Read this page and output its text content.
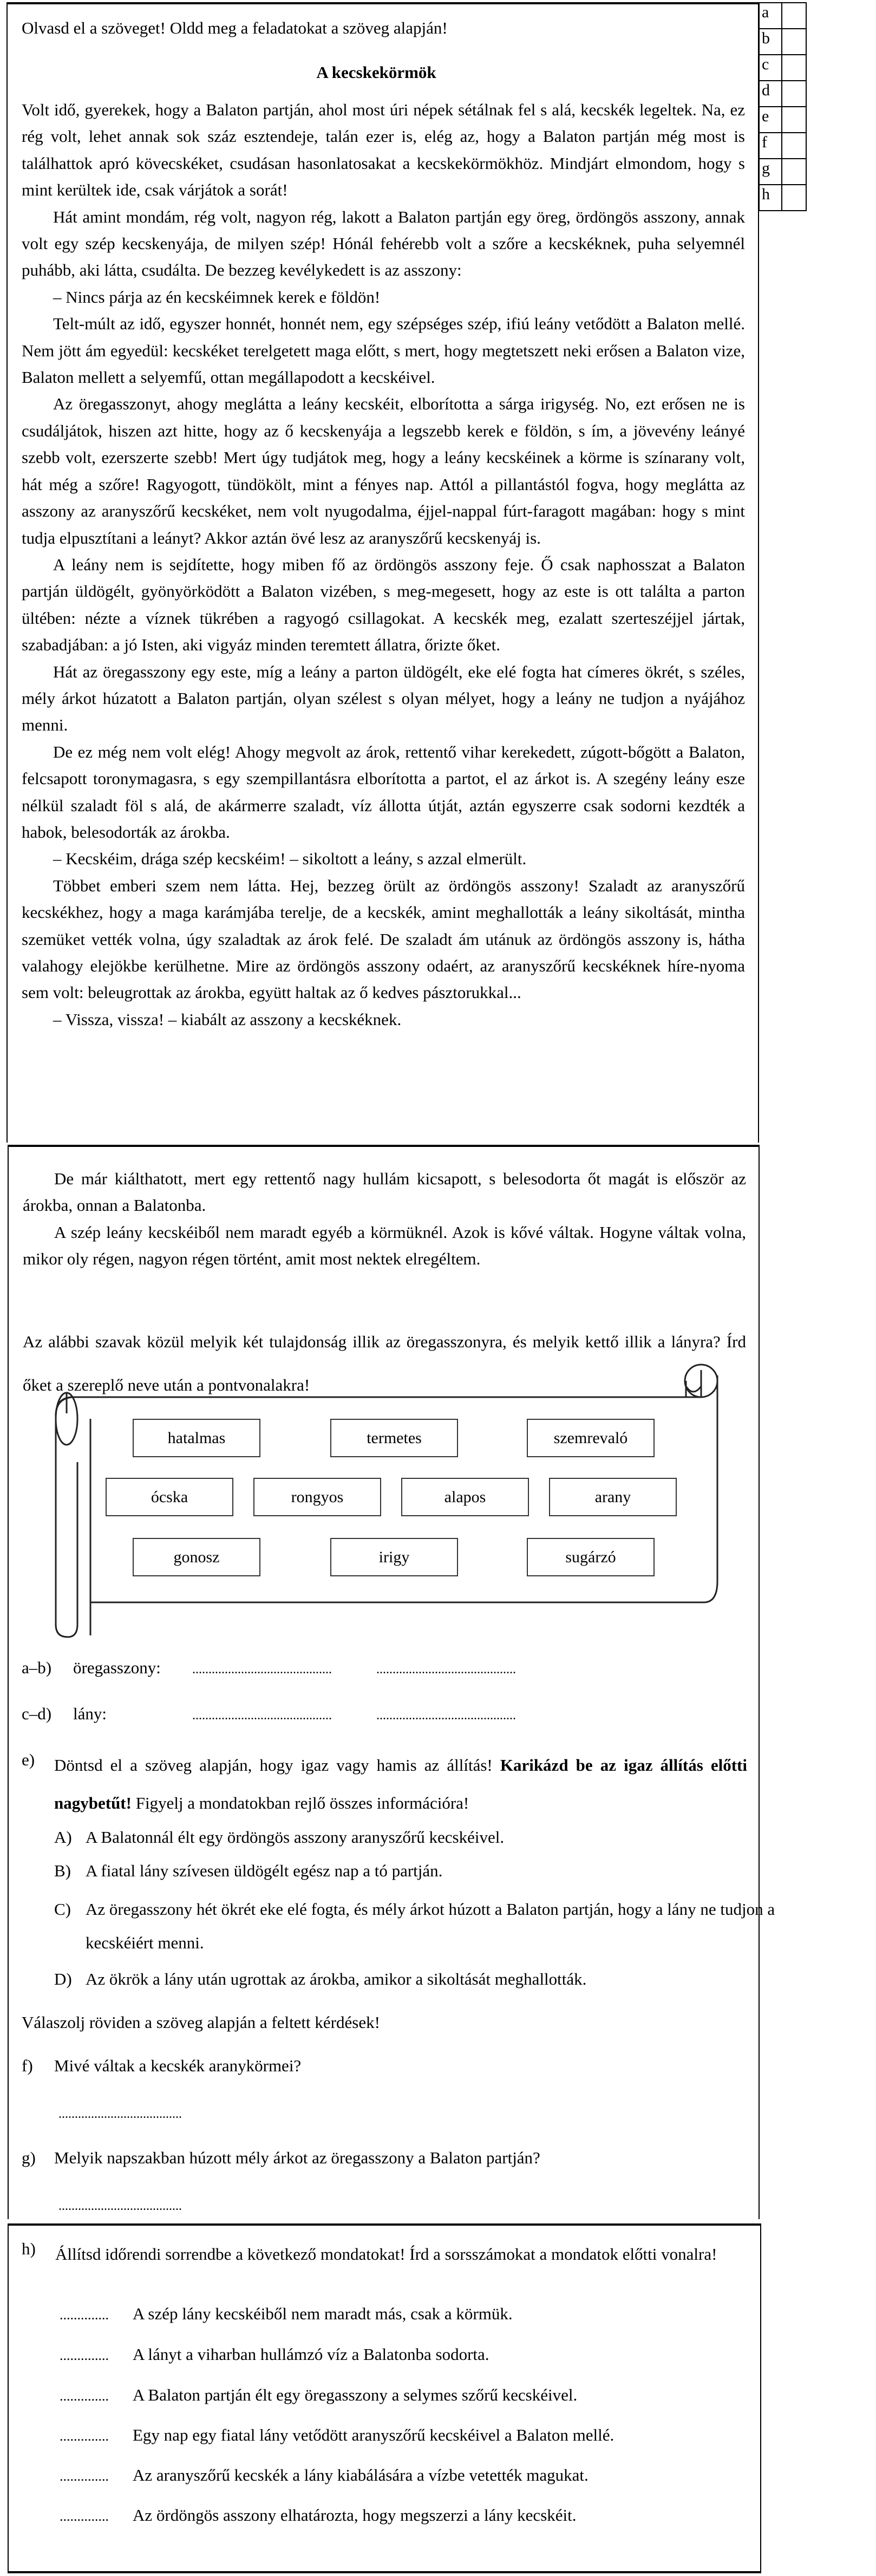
a	
b	
c	
d	
e	
f	
g	
h	
Olvasd el a szöveget! Oldd meg a feladatokat a szöveg alapján!
A kecskekörmök

Volt idő, gyerekek, hogy a Balaton partján, ahol most úri népek sétálnak fel s alá, kecskék legeltek. Na, ez rég volt, lehet annak sok száz esztendeje, talán ezer is, elég az, hogy a Balaton partján még most is találhattok apró kövecskéket, csudásan hasonlatosakat a kecskekörmökhöz. Mindjárt elmondom, hogy s mint kerültek ide, csak várjátok a sorát!

Hát amint mondám, rég volt, nagyon rég, lakott a Balaton partján egy öreg, ördöngös asszony, annak volt egy szép kecskenyája, de milyen szép! Hónál fehérebb volt a szőre a kecskéknek, puha selyemnél puhább, aki látta, csudálta. De bezzeg kevélykedett is az asszony:

– Nincs párja az én kecskéimnek kerek e földön!

Telt-múlt az idő, egyszer honnét, honnét nem, egy szépséges szép, ifiú leány vetődött a Balaton mellé. Nem jött ám egyedül: kecskéket terelgetett maga előtt, s mert, hogy megtetszett neki erősen a Balaton vize, Balaton mellett a selyemfű, ottan megállapodott a kecskéivel.

Az öregasszonyt, ahogy meglátta a leány kecskéit, elborította a sárga irigység. No, ezt erősen ne is csudáljátok, hiszen azt hitte, hogy az ő kecskenyája a legszebb kerek e földön, s ím, a jövevény leányé szebb volt, ezerszerte szebb! Mert úgy tudjátok meg, hogy a leány kecskéinek a körme is színarany volt, hát még a szőre! Ragyogott, tündökölt, mint a fényes nap. Attól a pillantástól fogva, hogy meglátta az asszony az aranyszőrű kecskéket, nem volt nyugodalma, éjjel-nappal fúrt-faragott magában: hogy s mint tudja elpusztítani a leányt? Akkor aztán övé lesz az aranyszőrű kecskenyáj is.

A leány nem is sejdítette, hogy miben fő az ördöngös asszony feje. Ő csak naphosszat a Balaton partján üldögélt, gyönyörködött a Balaton vizében, s meg-megesett, hogy az este is ott találta a parton ültében: nézte a víznek tükrében a ragyogó csillagokat. A kecskék meg, ezalatt szerteszéjjel jártak, szabadjában: a jó Isten, aki vigyáz minden teremtett állatra, őrizte őket.

Hát az öregasszony egy este, míg a leány a parton üldögélt, eke elé fogta hat címeres ökrét, s széles, mély árkot húzatott a Balaton partján, olyan szélest s olyan mélyet, hogy a leány ne tudjon a nyájához menni.

De ez még nem volt elég! Ahogy megvolt az árok, rettentő vihar kerekedett, zúgott-bőgött a Balaton, felcsapott toronymagasra, s egy szempillantásra elborította a partot, el az árkot is. A szegény leány esze nélkül szaladt föl s alá, de akármerre szaladt, víz állotta útját, aztán egyszerre csak sodorni kezdték a habok, belesodorták az árokba.

– Kecskéim, drága szép kecskéim! – sikoltott a leány, s azzal elmerült.

Többet emberi szem nem látta. Hej, bezzeg örült az ördöngös asszony! Szaladt az aranyszőrű kecskékhez, hogy a maga karámjába terelje, de a kecskék, amint meghallották a leány sikoltását, mintha szemüket vették volna, úgy szaladtak az árok felé. De szaladt ám utánuk az ördöngös asszony is, hátha valahogy elejökbe kerülhetne. Mire az ördöngös asszony odaért, az aranyszőrű kecskéknek híre-nyoma sem volt: beleugrottak az árokba, együtt haltak az ő kedves pásztorukkal...

– Vissza, vissza! – kiabált az asszony a kecskéknek.

De már kiálthatott, mert egy rettentő nagy hullám kicsapott, s belesodorta őt magát is először az árokba, onnan a Balatonba.

A szép leány kecskéiből nem maradt egyéb a körmüknél. Azok is kővé váltak. Hogyne váltak volna, mikor oly régen, nagyon régen történt, amit most nektek elregéltem.

Az alábbi szavak közül melyik két tulajdonság illik az öregasszonyra, és melyik kettő illik a lányra? Írd őket a szereplő neve után a pontvonalakra!
hatalmas	termetes	szemrevaló
ócska	rongyos	alapos	arany
gonosz	irigy	sugárzó
a–b) öregasszony: ...........................................	...........................................
c–d) lány:	...........................................	...........................................
e) Döntsd el a szöveg alapján, hogy igaz vagy hamis az állítás! Karikázd be az igaz állítás előtti nagybetűt! Figyelj a mondatokban rejlő összes információra!
A) A Balatonnál élt egy ördöngös asszony aranyszőrű kecskéivel.
B) A fiatal lány szívesen üldögélt egész nap a tó partján.
C) Az öregasszony hét ökrét eke elé fogta, és mély árkot húzott a Balaton partján, hogy a lány ne tudjon a kecskéiért menni.
D) Az ökrök a lány után ugrottak az árokba, amikor a sikoltását meghallották.
Válaszolj röviden a szöveg alapján a feltett kérdések!
f) Mivé váltak a kecskék aranykörmei?
......................................
g) Melyik napszakban húzott mély árkot az öregasszony a Balaton partján?
......................................
h) Állítsd időrendi sorrendbe a következő mondatokat! Írd a sorsszámokat a mondatok előtti vonalra!
.............. A szép lány kecskéiből nem maradt más, csak a körmük.
.............. A lányt a viharban hullámzó víz a Balatonba sodorta.
.............. A Balaton partján élt egy öregasszony a selymes szőrű kecskéivel.
.............. Egy nap egy fiatal lány vetődött aranyszőrű kecskéivel a Balaton mellé.
.............. Az aranyszőrű kecskék a lány kiabálására a vízbe vetették magukat.
.............. Az ördöngös asszony elhatározta, hogy megszerzi a lány kecskéit.
